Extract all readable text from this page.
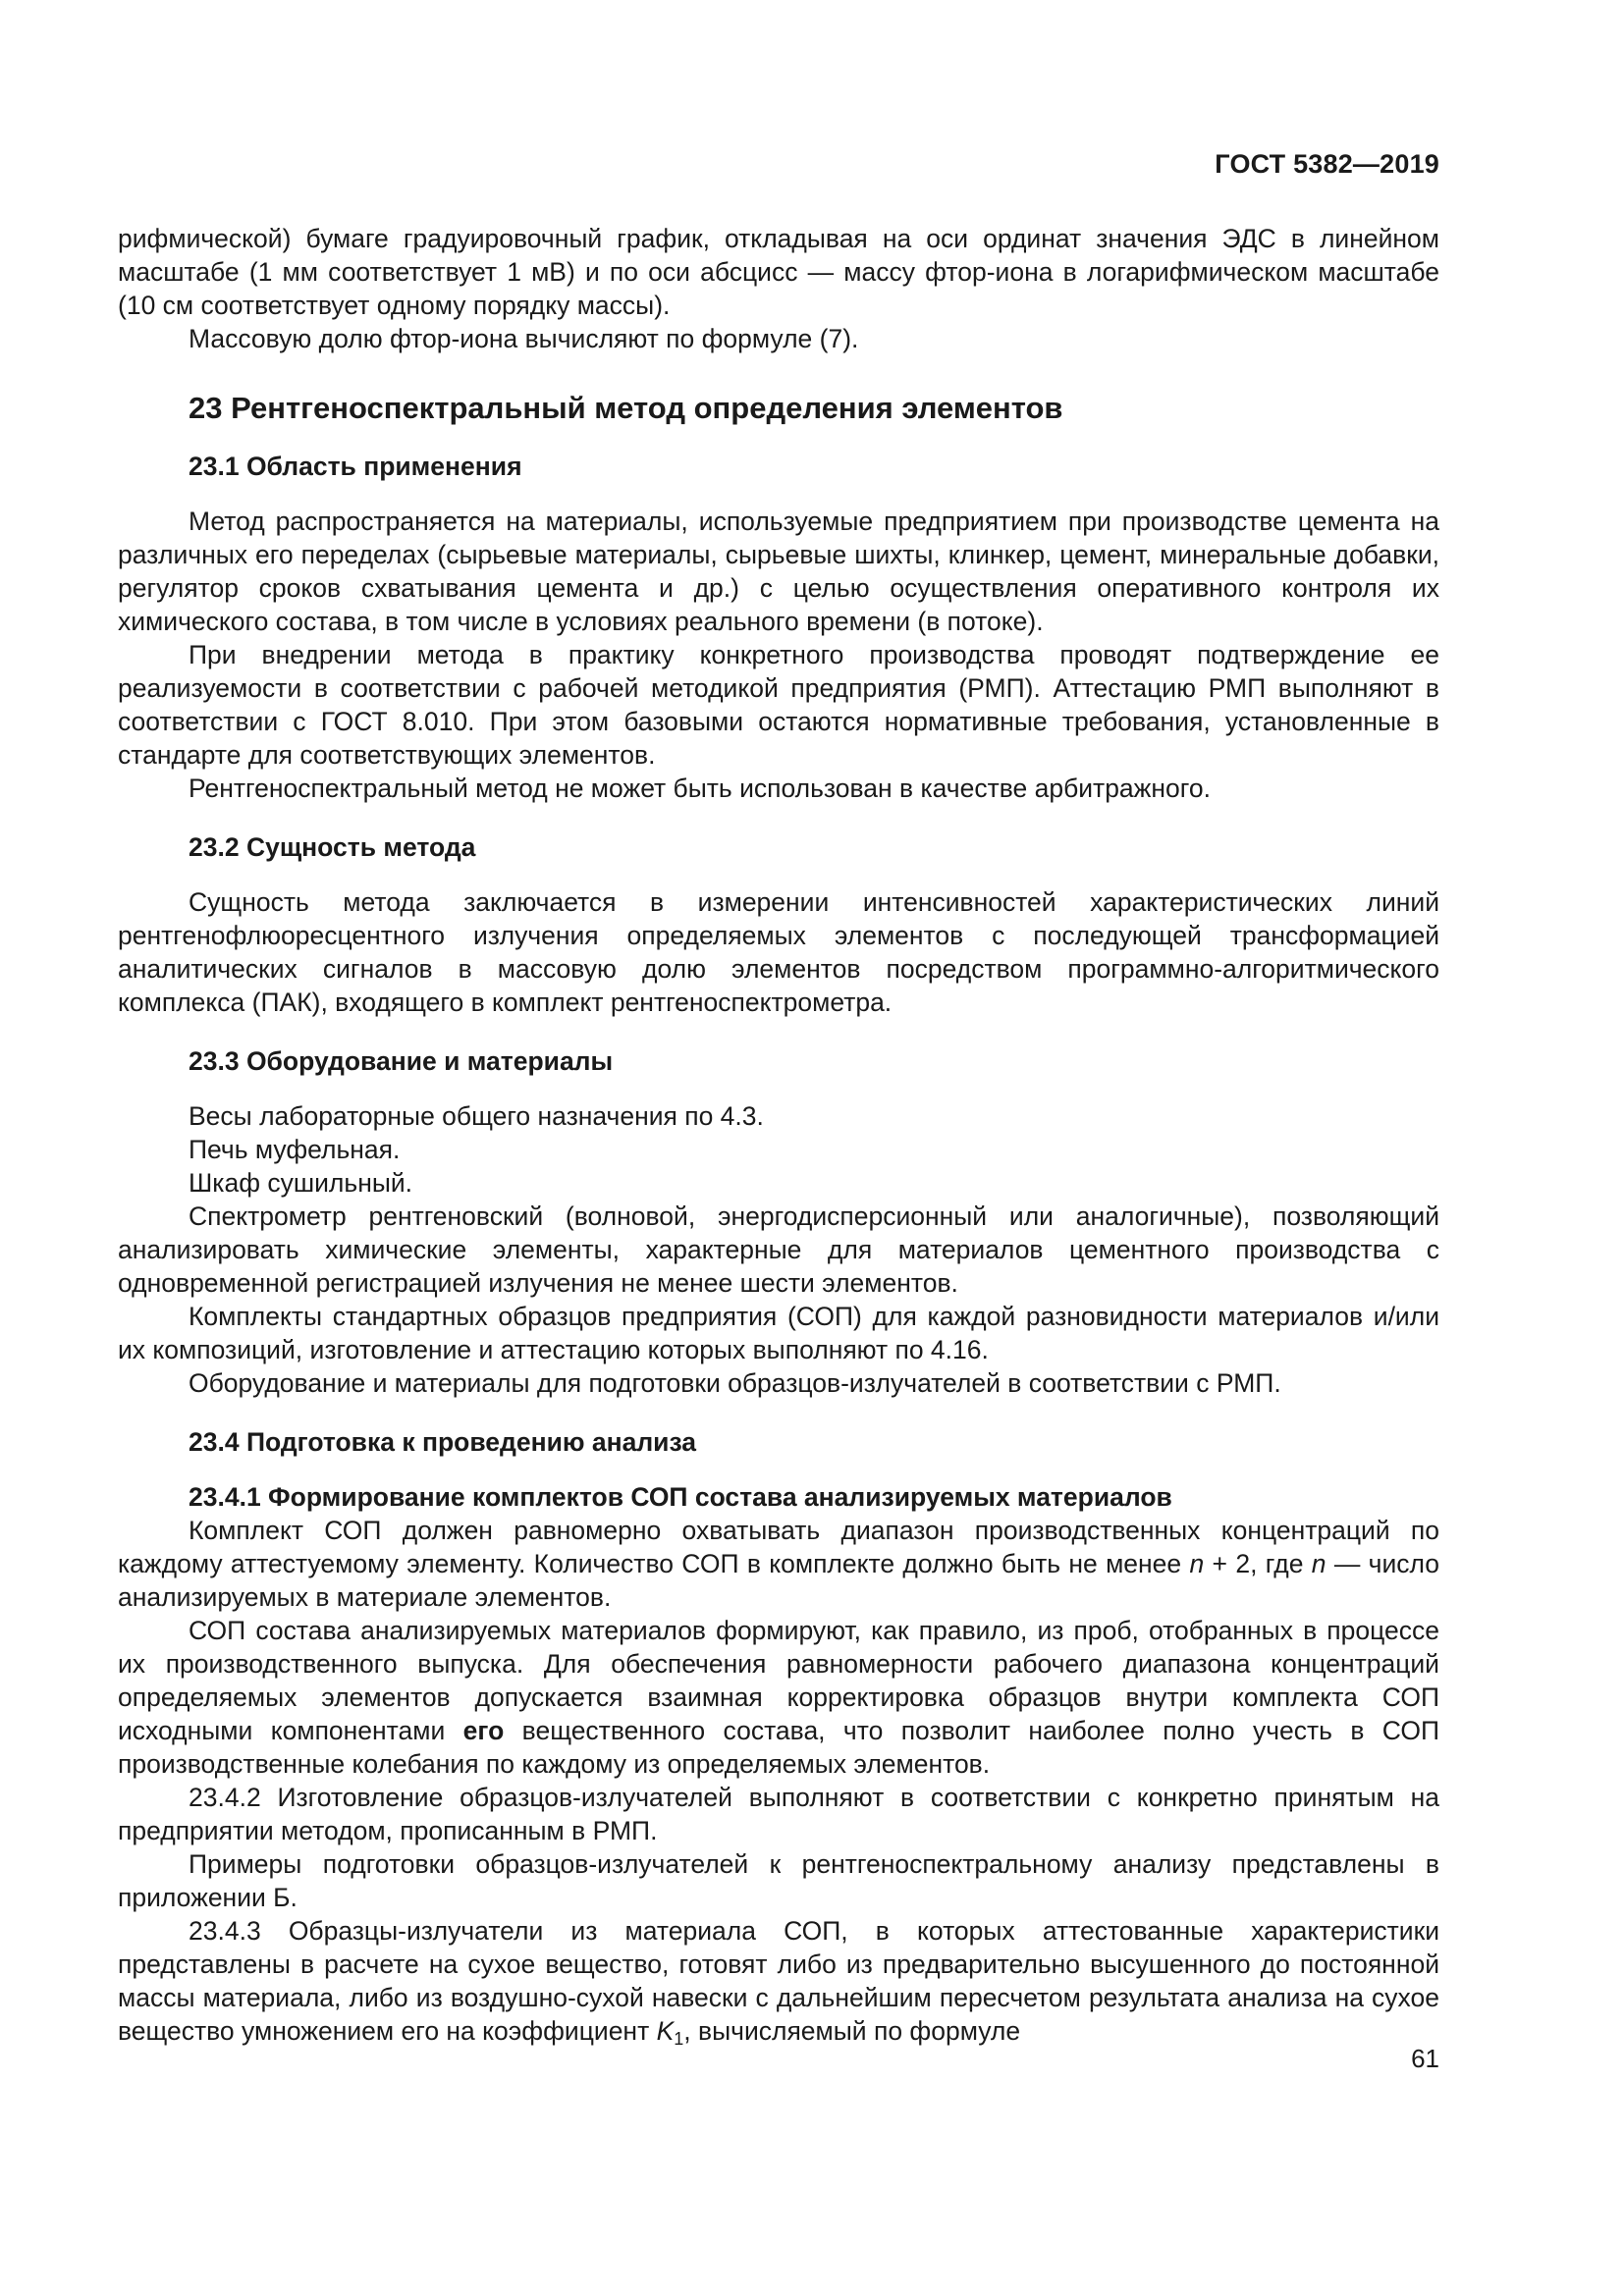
ГОСТ 5382—2019

рифмической) бумаге градуировочный график, откладывая на оси ординат значения ЭДС в линейном масштабе (1 мм соответствует 1 мВ) и по оси абсцисс — массу фтор-иона в логарифмическом масштабе (10 см соответствует одному порядку массы).

Массовую долю фтор-иона вычисляют по формуле (7).

23 Рентгеноспектральный метод определения элементов
23.1 Область применения

Метод распространяется на материалы, используемые предприятием при производстве цемента на различных его переделах (сырьевые материалы, сырьевые шихты, клинкер, цемент, минеральные добавки, регулятор сроков схватывания цемента и др.) с целью осуществления оперативного контроля их химического состава, в том числе в условиях реального времени (в потоке).

При внедрении метода в практику конкретного производства проводят подтверждение ее реализуемости в соответствии с рабочей методикой предприятия (РМП). Аттестацию РМП выполняют в соответствии с ГОСТ 8.010. При этом базовыми остаются нормативные требования, установленные в стандарте для соответствующих элементов.

Рентгеноспектральный метод не может быть использован в качестве арбитражного.

23.2 Сущность метода

Сущность метода заключается в измерении интенсивностей характеристических линий рентгенофлюоресцентного излучения определяемых элементов с последующей трансформацией аналитических сигналов в массовую долю элементов посредством программно-алгоритмического комплекса (ПАК), входящего в комплект рентгеноспектрометра.

23.3 Оборудование и материалы

Весы лабораторные общего назначения по 4.3.

Печь муфельная.

Шкаф сушильный.

Спектрометр рентгеновский (волновой, энергодисперсионный или аналогичные), позволяющий анализировать химические элементы, характерные для материалов цементного производства с одновременной регистрацией излучения не менее шести элементов.

Комплекты стандартных образцов предприятия (СОП) для каждой разновидности материалов и/или их композиций, изготовление и аттестацию которых выполняют по 4.16.

Оборудование и материалы для подготовки образцов-излучателей в соответствии с РМП.

23.4 Подготовка к проведению анализа
23.4.1 Формирование комплектов СОП состава анализируемых материалов

Комплект СОП должен равномерно охватывать диапазон производственных концентраций по каждому аттестуемому элементу. Количество СОП в комплекте должно быть не менее n + 2, где n — число анализируемых в материале элементов.

СОП состава анализируемых материалов формируют, как правило, из проб, отобранных в процессе их производственного выпуска. Для обеспечения равномерности рабочего диапазона концентраций определяемых элементов допускается взаимная корректировка образцов внутри комплекта СОП исходными компонентами его вещественного состава, что позволит наиболее полно учесть в СОП производственные колебания по каждому из определяемых элементов.

23.4.2 Изготовление образцов-излучателей выполняют в соответствии с конкретно принятым на предприятии методом, прописанным в РМП.

Примеры подготовки образцов-излучателей к рентгеноспектральному анализу представлены в приложении Б.

23.4.3 Образцы-излучатели из материала СОП, в которых аттестованные характеристики представлены в расчете на сухое вещество, готовят либо из предварительно высушенного до постоянной массы материала, либо из воздушно-сухой навески с дальнейшим пересчетом результата анализа на сухое вещество умножением его на коэффициент $K_1$, вычисляемый по формуле

61
